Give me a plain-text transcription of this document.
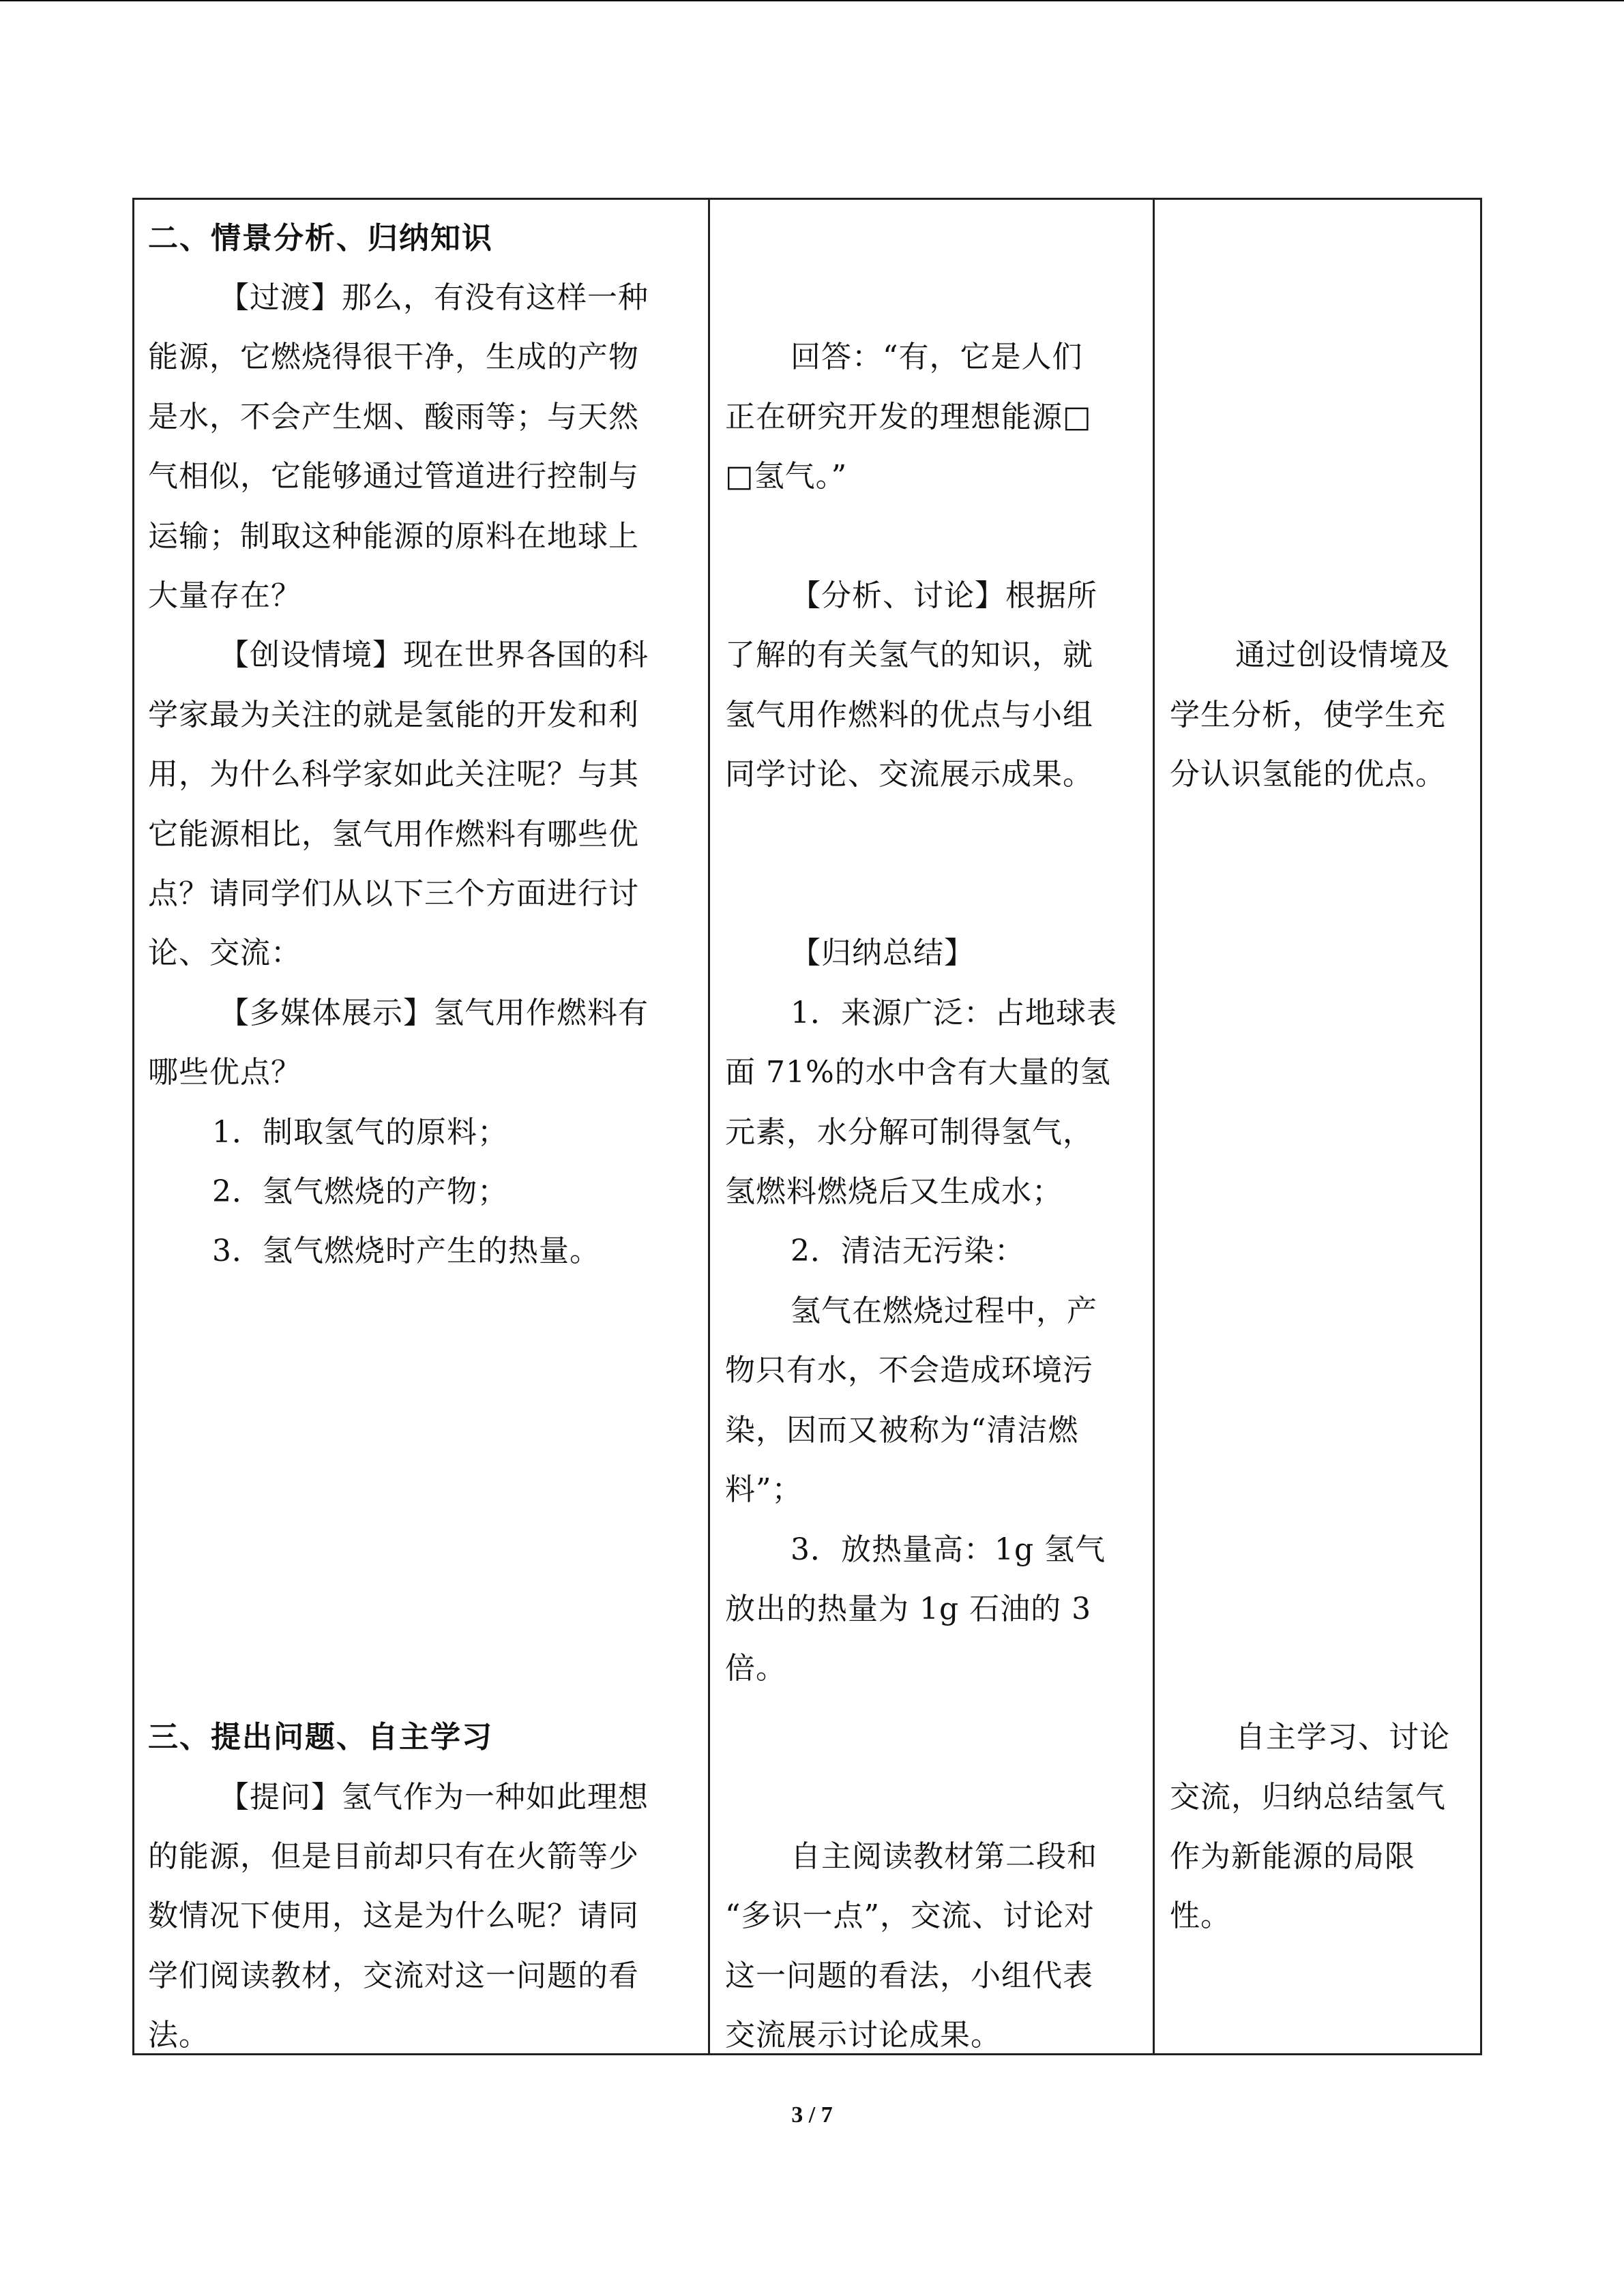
二、情景分析、归纳知识
【过渡】那么，有没有这样一种
能源，它燃烧得很干净，生成的产物
是水，不会产生烟、酸雨等；与天然
气相似，它能够通过管道进行控制与
运输；制取这种能源的原料在地球上
大量存在？
【创设情境】现在世界各国的科
学家最为关注的就是氢能的开发和利
用，为什么科学家如此关注呢？与其
它能源相比，氢气用作燃料有哪些优
点？请同学们从以下三个方面进行讨
论、交流：
【多媒体展示】氢气用作燃料有
哪些优点？
1．制取氢气的原料；
2．氢气燃烧的产物；
3．氢气燃烧时产生的热量。
三、提出问题、自主学习
【提问】氢气作为一种如此理想
的能源，但是目前却只有在火箭等少
数情况下使用，这是为什么呢？请同
学们阅读教材，交流对这一问题的看
法。
回答：“有，它是人们
正在研究开发的理想能源□
□氢气。”
【分析、讨论】根据所
了解的有关氢气的知识，就
氢气用作燃料的优点与小组
同学讨论、交流展示成果。
【归纳总结】
1．来源广泛：占地球表
面 71%的水中含有大量的氢
元素，水分解可制得氢气，
氢燃料燃烧后又生成水；
2．清洁无污染：
氢气在燃烧过程中，产
物只有水，不会造成环境污
染，因而又被称为“清洁燃
料”；
3．放热量高：1g 氢气
放出的热量为 1g 石油的 3
倍。
自主阅读教材第二段和
“多识一点”，交流、讨论对
这一问题的看法，小组代表
交流展示讨论成果。
通过创设情境及
学生分析，使学生充
分认识氢能的优点。
自主学习、讨论
交流，归纳总结氢气
作为新能源的局限
性。
3 / 7
